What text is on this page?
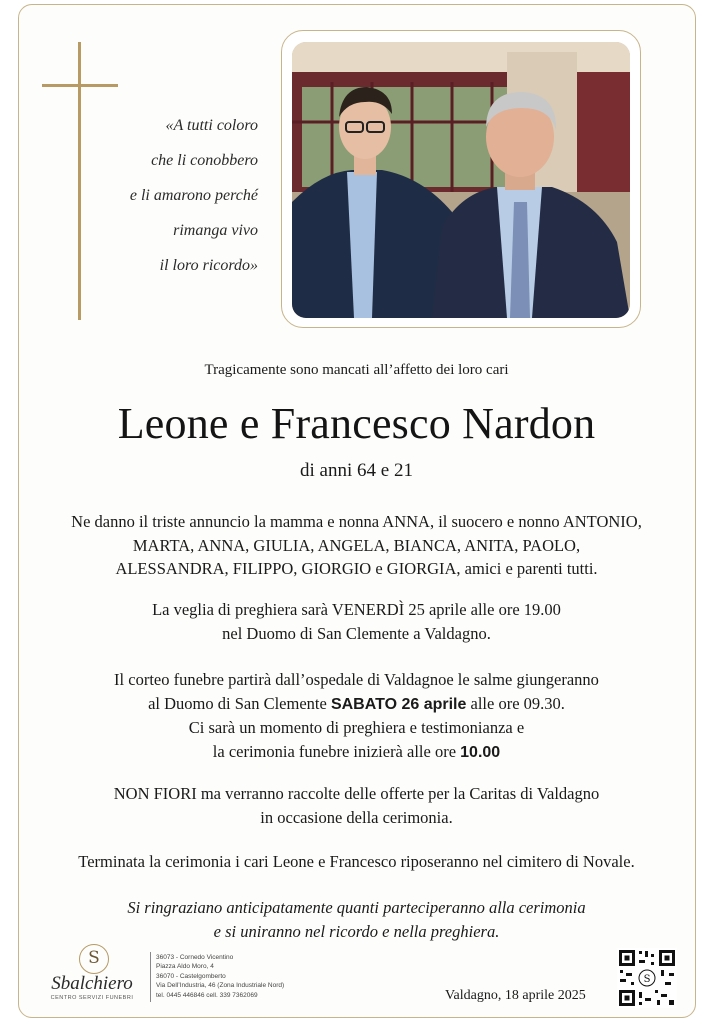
«A tutti coloro
che li conobbero
e li amarono perché
rimanga vivo
il loro ricordo»
Tragicamente sono mancati all’affetto dei loro cari
Leone e Francesco Nardon
di anni 64 e 21
Ne danno il triste annuncio la mamma e nonna ANNA, il suocero e nonno ANTONIO,
MARTA, ANNA, GIULIA, ANGELA, BIANCA, ANITA, PAOLO,
ALESSANDRA, FILIPPO, GIORGIO e GIORGIA, amici e parenti tutti.
La veglia di preghiera sarà VENERDÌ 25 aprile alle ore 19.00
nel Duomo di San Clemente a Valdagno.
Il corteo funebre partirà dall’ospedale di Valdagnoe le salme giungeranno
al Duomo di San Clemente SABATO 26 aprile alle ore 09.30.
Ci sarà un momento di preghiera e testimonianza e
la cerimonia funebre inizierà alle ore 10.00
NON FIORI ma verranno raccolte delle offerte per la Caritas di Valdagno
in occasione della cerimonia.
Terminata la cerimonia i cari Leone e Francesco riposeranno nel cimitero di Novale.
Si ringraziano anticipatamente quanti parteciperanno alla cerimonia
e si uniranno nel ricordo e nella preghiera.
S
Sbalchiero
CENTRO SERVIZI FUNEBRI
36073 - Cornedo Vicentino
Piazza Aldo Moro, 4
36070 - Castelgomberto
Via Dell’Industria, 46 (Zona Industriale Nord)
tel. 0445 446846 cell. 339 7362069	Valdagno, 18 aprile 2025
S
